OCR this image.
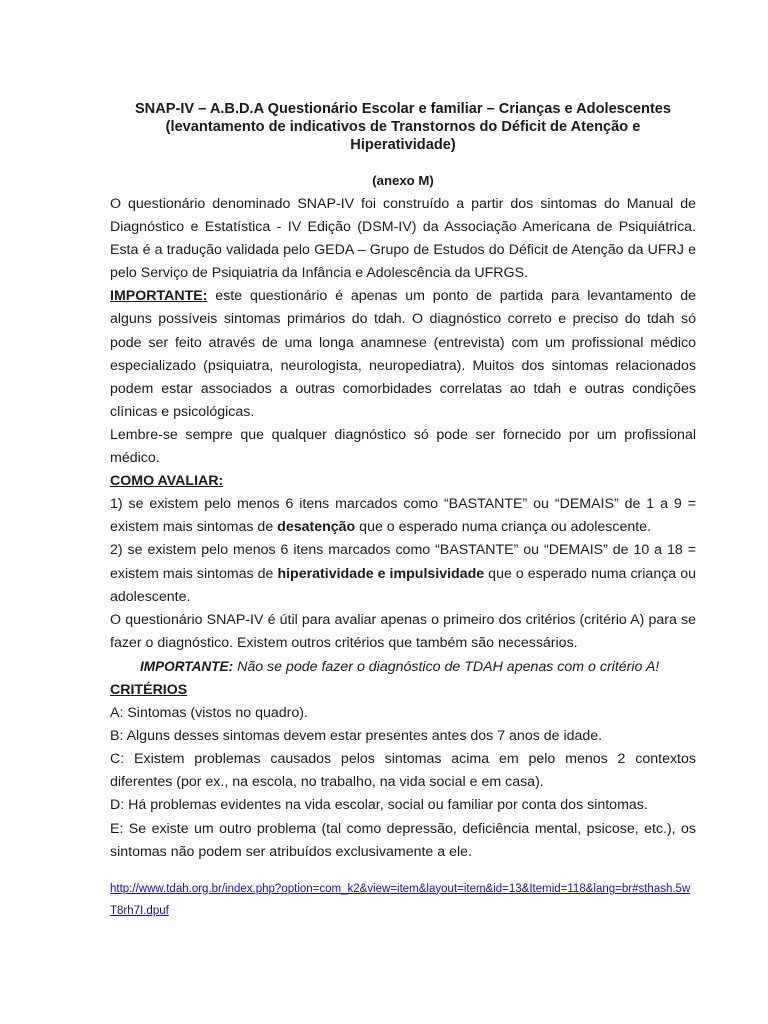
SNAP-IV – A.B.D.A Questionário Escolar e familiar – Crianças e Adolescentes

(levantamento de indicativos de Transtornos do Déficit de Atenção e

Hiperatividade)

(anexo M)

O questionário denominado SNAP-IV foi construído a partir dos sintomas do Manual de Diagnóstico e Estatística - IV Edição (DSM-IV) da Associação Americana de Psiquiátrica. Esta é a tradução validada pelo GEDA – Grupo de Estudos do Déficit de Atenção da UFRJ e pelo Serviço de Psiquiatria da Infância e Adolescência da UFRGS.

IMPORTANTE: este questionário é apenas um ponto de partida para levantamento de alguns possíveis sintomas primários do tdah. O diagnóstico correto e preciso do tdah só pode ser feito através de uma longa anamnese (entrevista) com um profissional médico especializado (psiquiatra, neurologista, neuropediatra). Muitos dos sintomas relacionados podem estar associados a outras comorbidades correlatas ao tdah e outras condições clínicas e psicológicas.

Lembre-se sempre que qualquer diagnóstico só pode ser fornecido por um profissional médico.

COMO AVALIAR:

1) se existem pelo menos 6 itens marcados como “BASTANTE” ou “DEMAIS” de 1 a 9 = existem mais sintomas de desatenção que o esperado numa criança ou adolescente.

2) se existem pelo menos 6 itens marcados como “BASTANTE” ou “DEMAIS” de 10 a 18 = existem mais sintomas de hiperatividade e impulsividade que o esperado numa criança ou adolescente.

O questionário SNAP-IV é útil para avaliar apenas o primeiro dos critérios (critério A) para se fazer o diagnóstico. Existem outros critérios que também são necessários.

IMPORTANTE: Não se pode fazer o diagnóstico de TDAH apenas com o critério A!

CRITÉRIOS

A: Sintomas (vistos no quadro).

B: Alguns desses sintomas devem estar presentes antes dos 7 anos de idade.

C: Existem problemas causados pelos sintomas acima em pelo menos 2 contextos diferentes (por ex., na escola, no trabalho, na vida social e em casa).

D: Há problemas evidentes na vida escolar, social ou familiar por conta dos sintomas.

E: Se existe um outro problema (tal como depressão, deficiência mental, psicose, etc.), os sintomas não podem ser atribuídos exclusivamente a ele.

http://www.tdah.org.br/index.php?option=com_k2&view=item&layout=item&id=13&Itemid=118&lang=br#sthash.5wT8rh7I.dpuf
